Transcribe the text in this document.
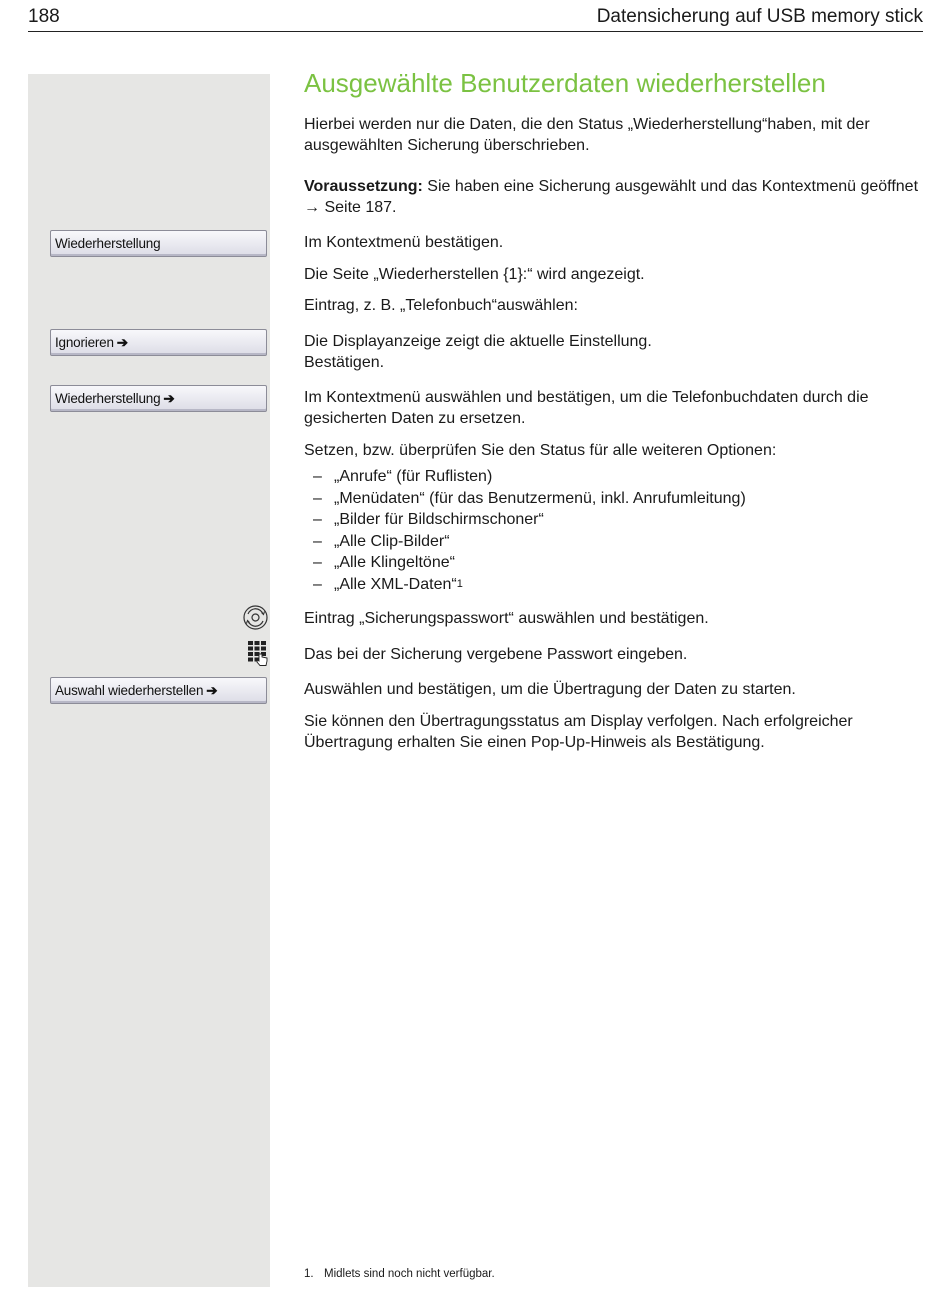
188	Datensicherung auf USB memory stick
Wiederherstellung
Ignorieren ➔
Wiederherstellung ➔
Auswahl wiederherstellen ➔
Ausgewählte Benutzerdaten wiederherstellen
Hierbei werden nur die Daten, die den Status „Wiederherstellung“haben, mit der ausgewählten Sicherung überschrieben.
Voraussetzung: Sie haben eine Sicherung ausgewählt und das Kontextmenü geöffnet → Seite 187.
Im Kontextmenü bestätigen.
Die Seite „Wiederherstellen {1}:“ wird angezeigt.
Eintrag, z. B. „Telefonbuch“auswählen:
Die Displayanzeige zeigt die aktuelle Einstellung.
Bestätigen.
Im Kontextmenü auswählen und bestätigen, um die Telefonbuchdaten durch die gesicherten Daten zu ersetzen.
Setzen, bzw. überprüfen Sie den Status für alle weiteren Optionen:
– „Anrufe“ (für Ruflisten)
– „Menüdaten“ (für das Benutzermenü, inkl. Anrufumleitung)
– „Bilder für Bildschirmschoner“
– „Alle Clip-Bilder“
– „Alle Klingeltöne“
– „Alle XML-Daten“ 1
Eintrag „Sicherungspasswort“ auswählen und bestätigen.
Das bei der Sicherung vergebene Passwort eingeben.
Auswählen und bestätigen, um die Übertragung der Daten zu starten.
Sie können den Übertragungsstatus am Display verfolgen. Nach erfolgreicher Übertragung erhalten Sie einen Pop-Up-Hinweis als Bestätigung.
1. Midlets sind noch nicht verfügbar.
